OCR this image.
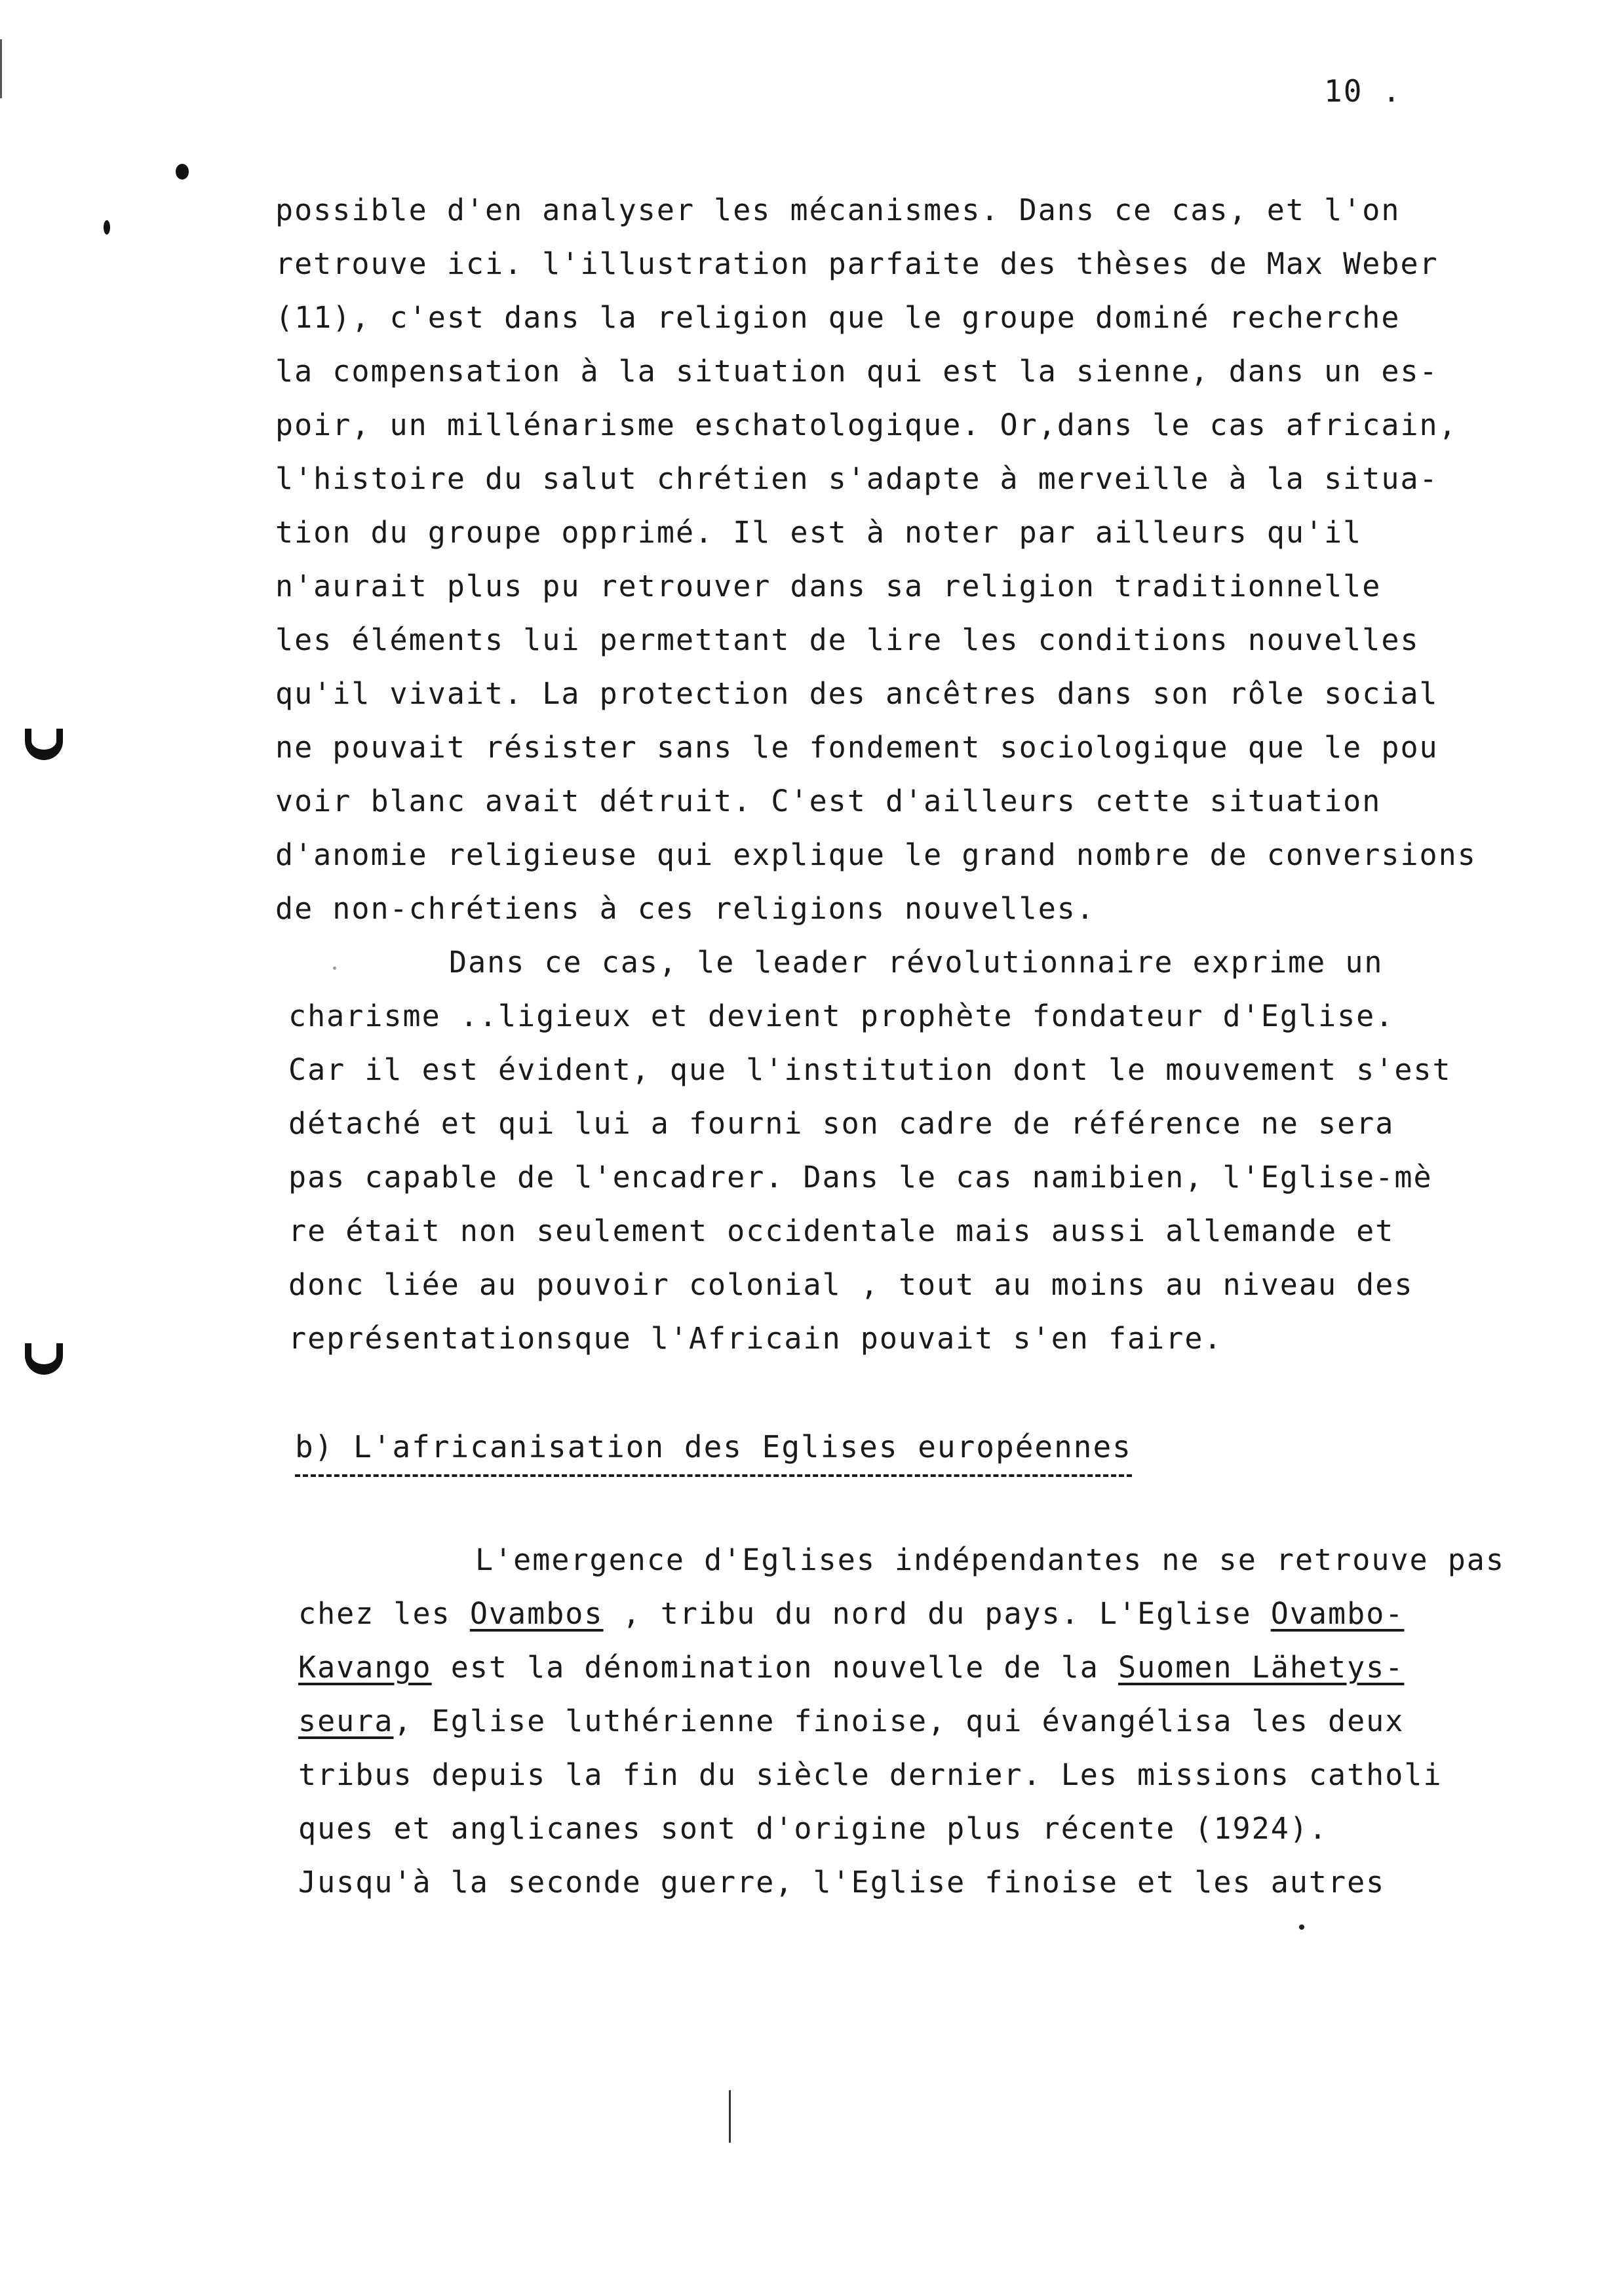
10 .
possible d'en analyser les mécanismes. Dans ce cas, et l'on
retrouve ici. l'illustration parfaite des thèses de Max Weber
(11), c'est dans la religion que le groupe dominé recherche
la compensation à la situation qui est la sienne, dans un es-
poir, un millénarisme eschatologique. Or,dans le cas africain,
l'histoire du salut chrétien s'adapte à merveille à la situa-
tion du groupe opprimé. Il est à noter par ailleurs qu'il
n'aurait plus pu retrouver dans sa religion traditionnelle
les éléments lui permettant de lire les conditions nouvelles
qu'il vivait. La protection des ancêtres dans son rôle social
ne pouvait résister sans le fondement sociologique que le pou
voir blanc avait détruit. C'est d'ailleurs cette situation
d'anomie religieuse qui explique le grand nombre de conversions
de non-chrétiens à ces religions nouvelles.
Dans ce cas, le leader révolutionnaire exprime un
charisme ..ligieux et devient prophète fondateur d'Eglise.
Car il est évident, que l'institution dont le mouvement s'est
détaché et qui lui a fourni son cadre de référence ne sera
pas capable de l'encadrer. Dans le cas namibien, l'Eglise-mè
re était non seulement occidentale mais aussi allemande et
donc liée au pouvoir colonial , tout au moins au niveau des
représentationsque l'Africain pouvait s'en faire.
b) L'africanisation des Eglises européennes
L'emergence d'Eglises indépendantes ne se retrouve pas
chez les Ovambos , tribu du nord du pays. L'Eglise Ovambo-
Kavango est la dénomination nouvelle de la Suomen Lähetys-
seura, Eglise luthérienne finoise, qui évangélisa les deux
tribus depuis la fin du siècle dernier. Les missions catholi
ques et anglicanes sont d'origine plus récente (1924).
Jusqu'à la seconde guerre, l'Eglise finoise et les autres
